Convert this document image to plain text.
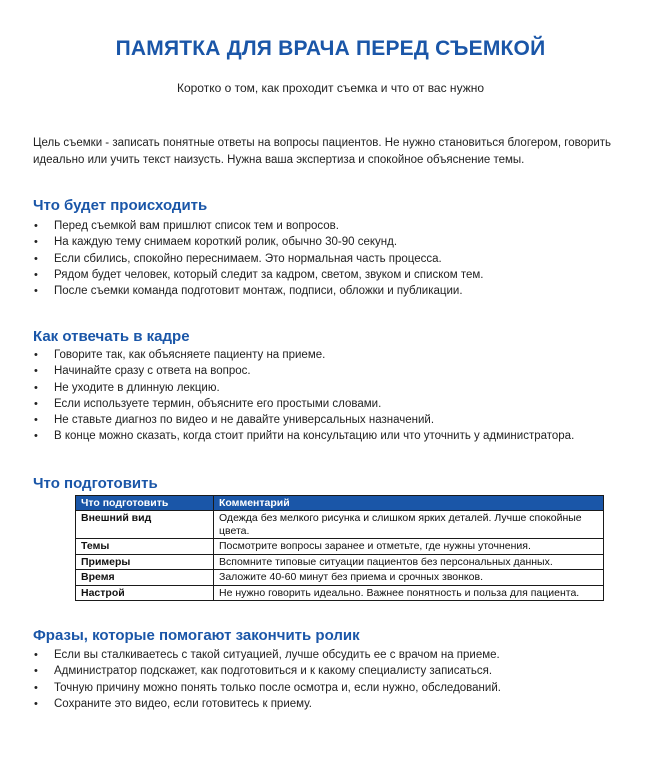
ПАМЯТКА ДЛЯ ВРАЧА ПЕРЕД СЪЕМКОЙ
Коротко о том, как проходит съемка и что от вас нужно
Цель съемки - записать понятные ответы на вопросы пациентов. Не нужно становиться блогером, говорить идеально или учить текст наизусть. Нужна ваша экспертиза и спокойное объяснение темы.
Что будет происходить
• Перед съемкой вам пришлют список тем и вопросов.
• На каждую тему снимаем короткий ролик, обычно 30-90 секунд.
• Если сбились, спокойно переснимаем. Это нормальная часть процесса.
• Рядом будет человек, который следит за кадром, светом, звуком и списком тем.
• После съемки команда подготовит монтаж, подписи, обложки и публикации.
Как отвечать в кадре
• Говорите так, как объясняете пациенту на приеме.
• Начинайте сразу с ответа на вопрос.
• Не уходите в длинную лекцию.
• Если используете термин, объясните его простыми словами.
• Не ставьте диагноз по видео и не давайте универсальных назначений.
• В конце можно сказать, когда стоит прийти на консультацию или что уточнить у администратора.
Что подготовить
Что подготовить	Комментарий
Внешний вид	Одежда без мелкого рисунка и слишком ярких деталей. Лучше спокойные цвета.
Темы	Посмотрите вопросы заранее и отметьте, где нужны уточнения.
Примеры	Вспомните типовые ситуации пациентов без персональных данных.
Время	Заложите 40-60 минут без приема и срочных звонков.
Настрой	Не нужно говорить идеально. Важнее понятность и польза для пациента.
Фразы, которые помогают закончить ролик
• Если вы сталкиваетесь с такой ситуацией, лучше обсудить ее с врачом на приеме.
• Администратор подскажет, как подготовиться и к какому специалисту записаться.
• Точную причину можно понять только после осмотра и, если нужно, обследований.
• Сохраните это видео, если готовитесь к приему.
